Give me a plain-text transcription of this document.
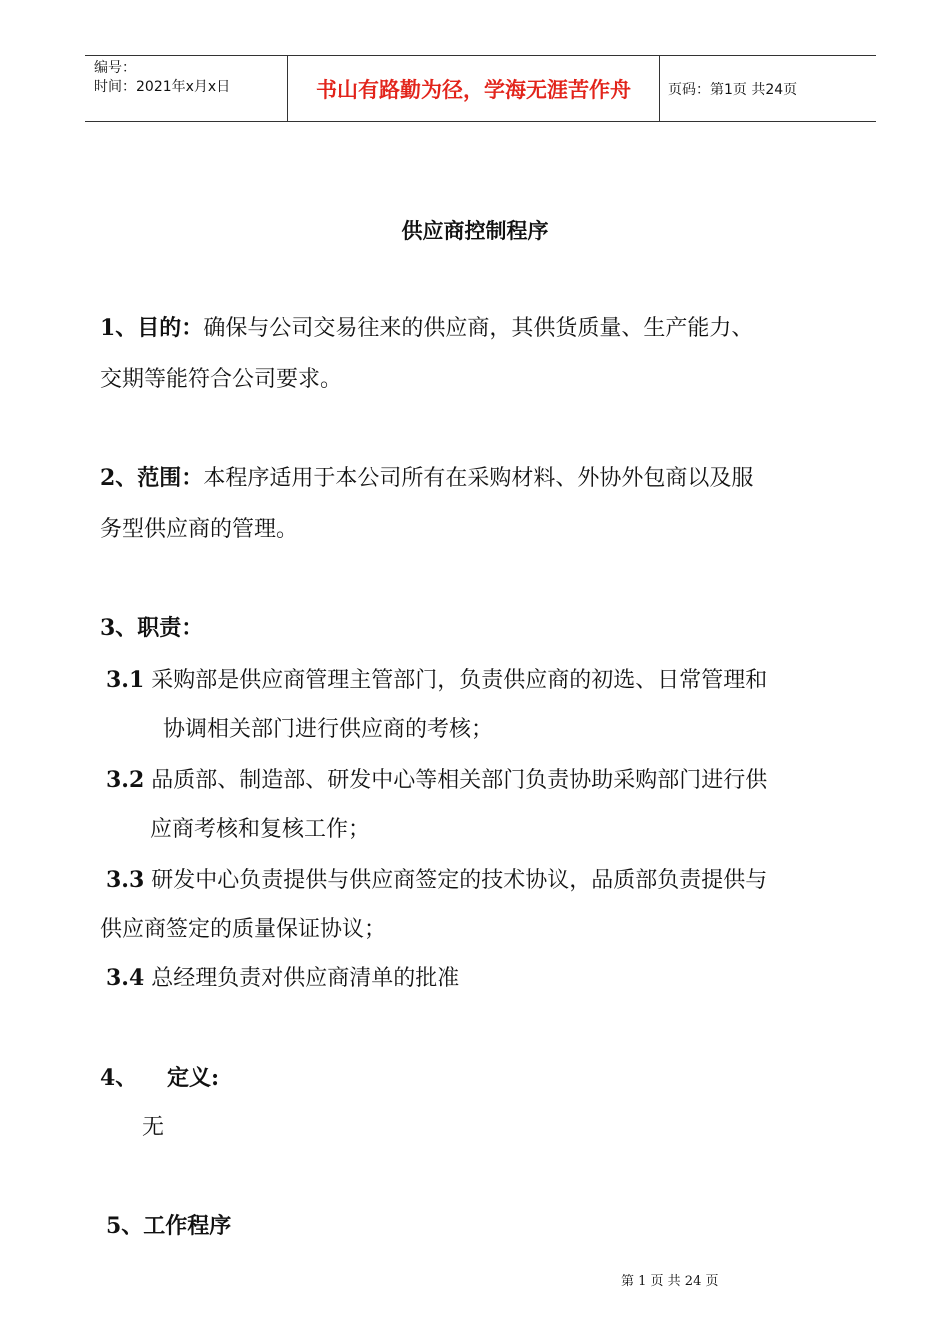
编号：
时间：2021年x月x日	书山有路勤为径，学海无涯苦作舟	页码：第1页 共24页
供应商控制程序
1、目的：确保与公司交易往来的供应商，其供货质量、生产能力、
交期等能符合公司要求。
2、范围：本程序适用于本公司所有在采购材料、外协外包商以及服
务型供应商的管理。
3、职责：
3.1 采购部是供应商管理主管部门，负责供应商的初选、日常管理和
协调相关部门进行供应商的考核；
3.2 品质部、制造部、研发中心等相关部门负责协助采购部门进行供
应商考核和复核工作；
3.3 研发中心负责提供与供应商签定的技术协议，品质部负责提供与
供应商签定的质量保证协议；
3.4 总经理负责对供应商清单的批准
4、 定义:
无
5、工作程序
第 1 页 共 24 页
